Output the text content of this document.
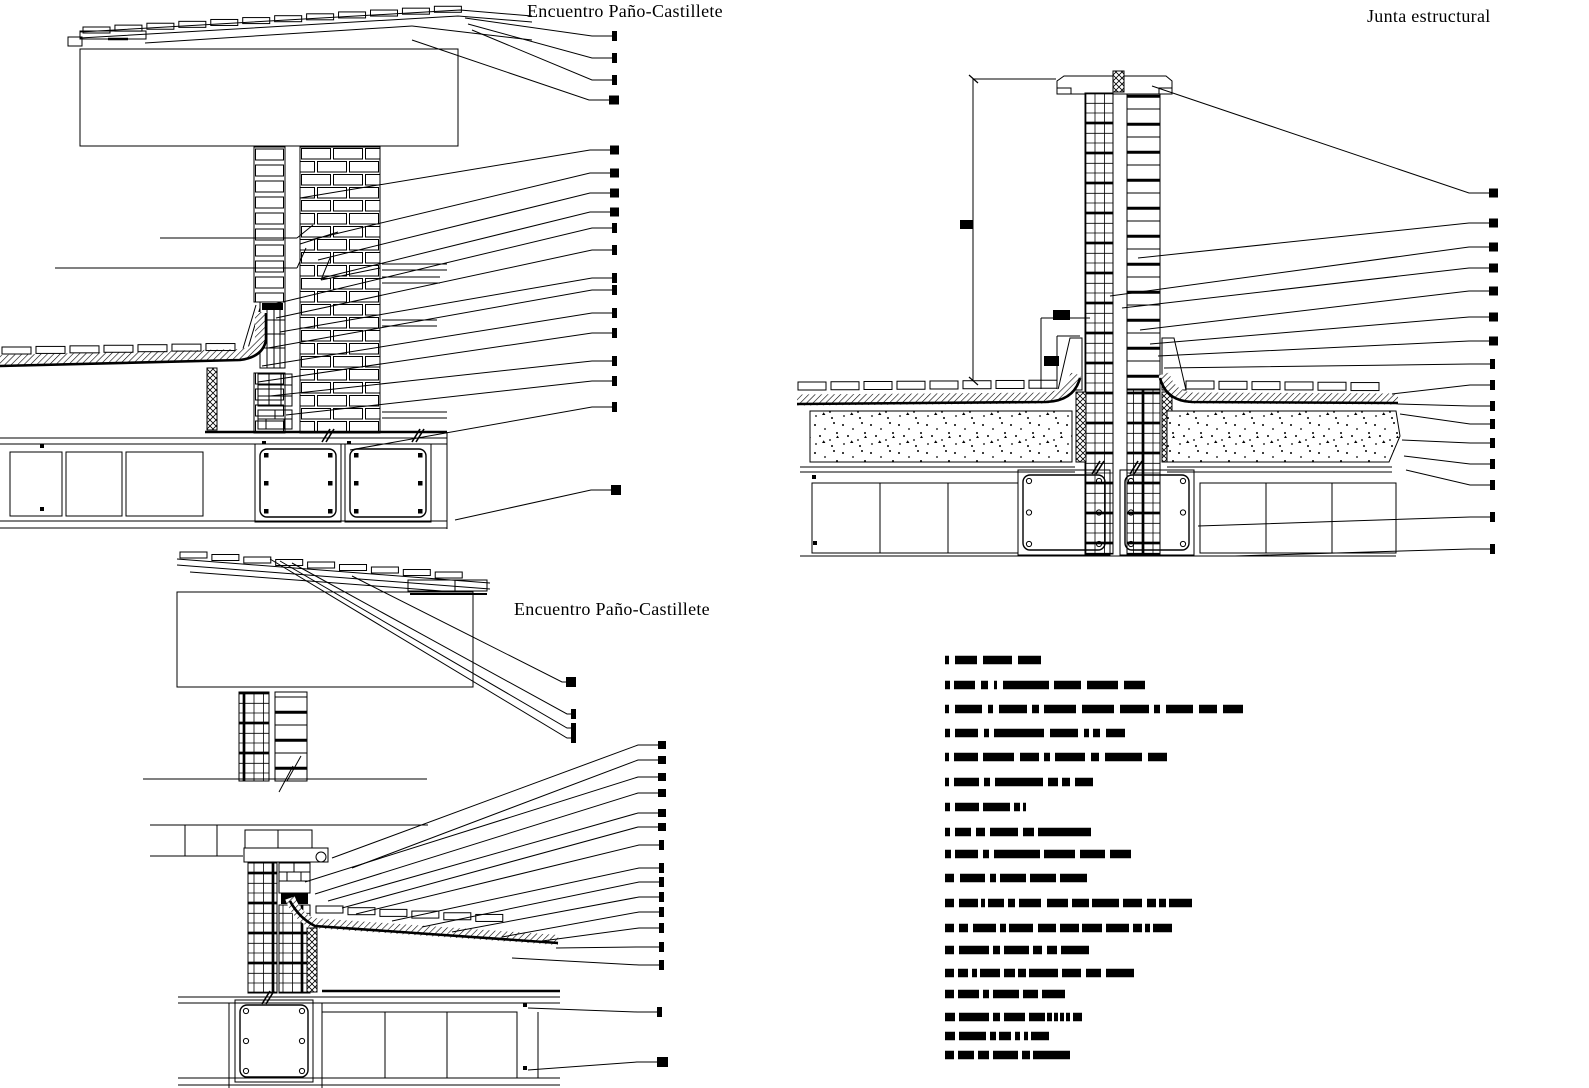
Encuentro Paño-Castillete	Junta estructural
Encuentro Paño-Castillete
